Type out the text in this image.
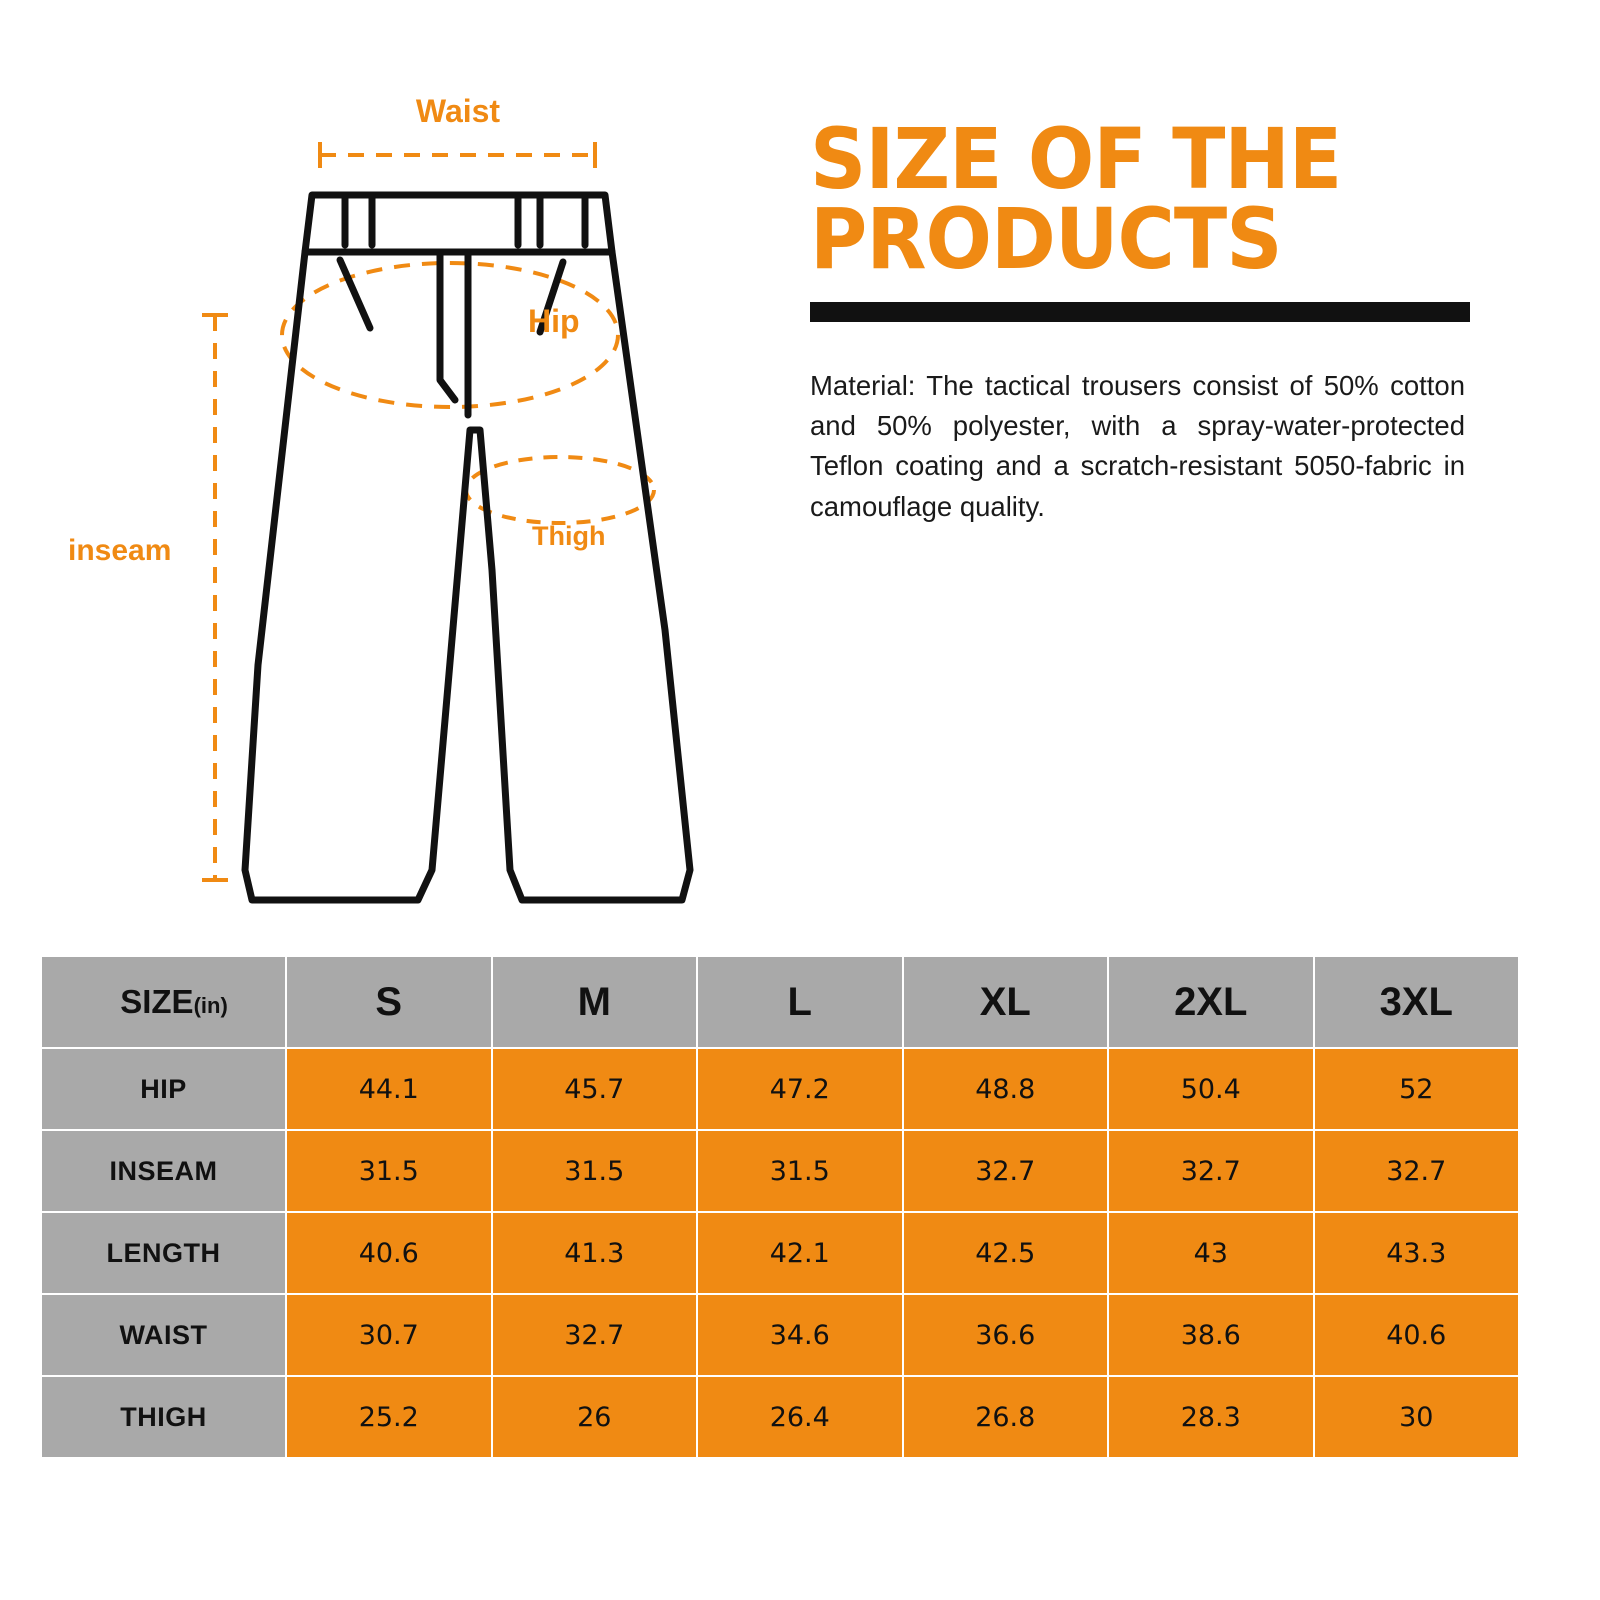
Waist
Hip
Thigh
inseam
SIZE OF THE
PRODUCTS
Material: The tactical trousers consist of 50% cotton and 50% polyester, with a spray-water-protected Teflon coating and a scratch-resistant 5050-fabric in camouflage quality.
SIZE(in)	S	M	L	XL	2XL	3XL
HIP	44.1	45.7	47.2	48.8	50.4	52
INSEAM	31.5	31.5	31.5	32.7	32.7	32.7
LENGTH	40.6	41.3	42.1	42.5	43	43.3
WAIST	30.7	32.7	34.6	36.6	38.6	40.6
THIGH	25.2	26	26.4	26.8	28.3	30
